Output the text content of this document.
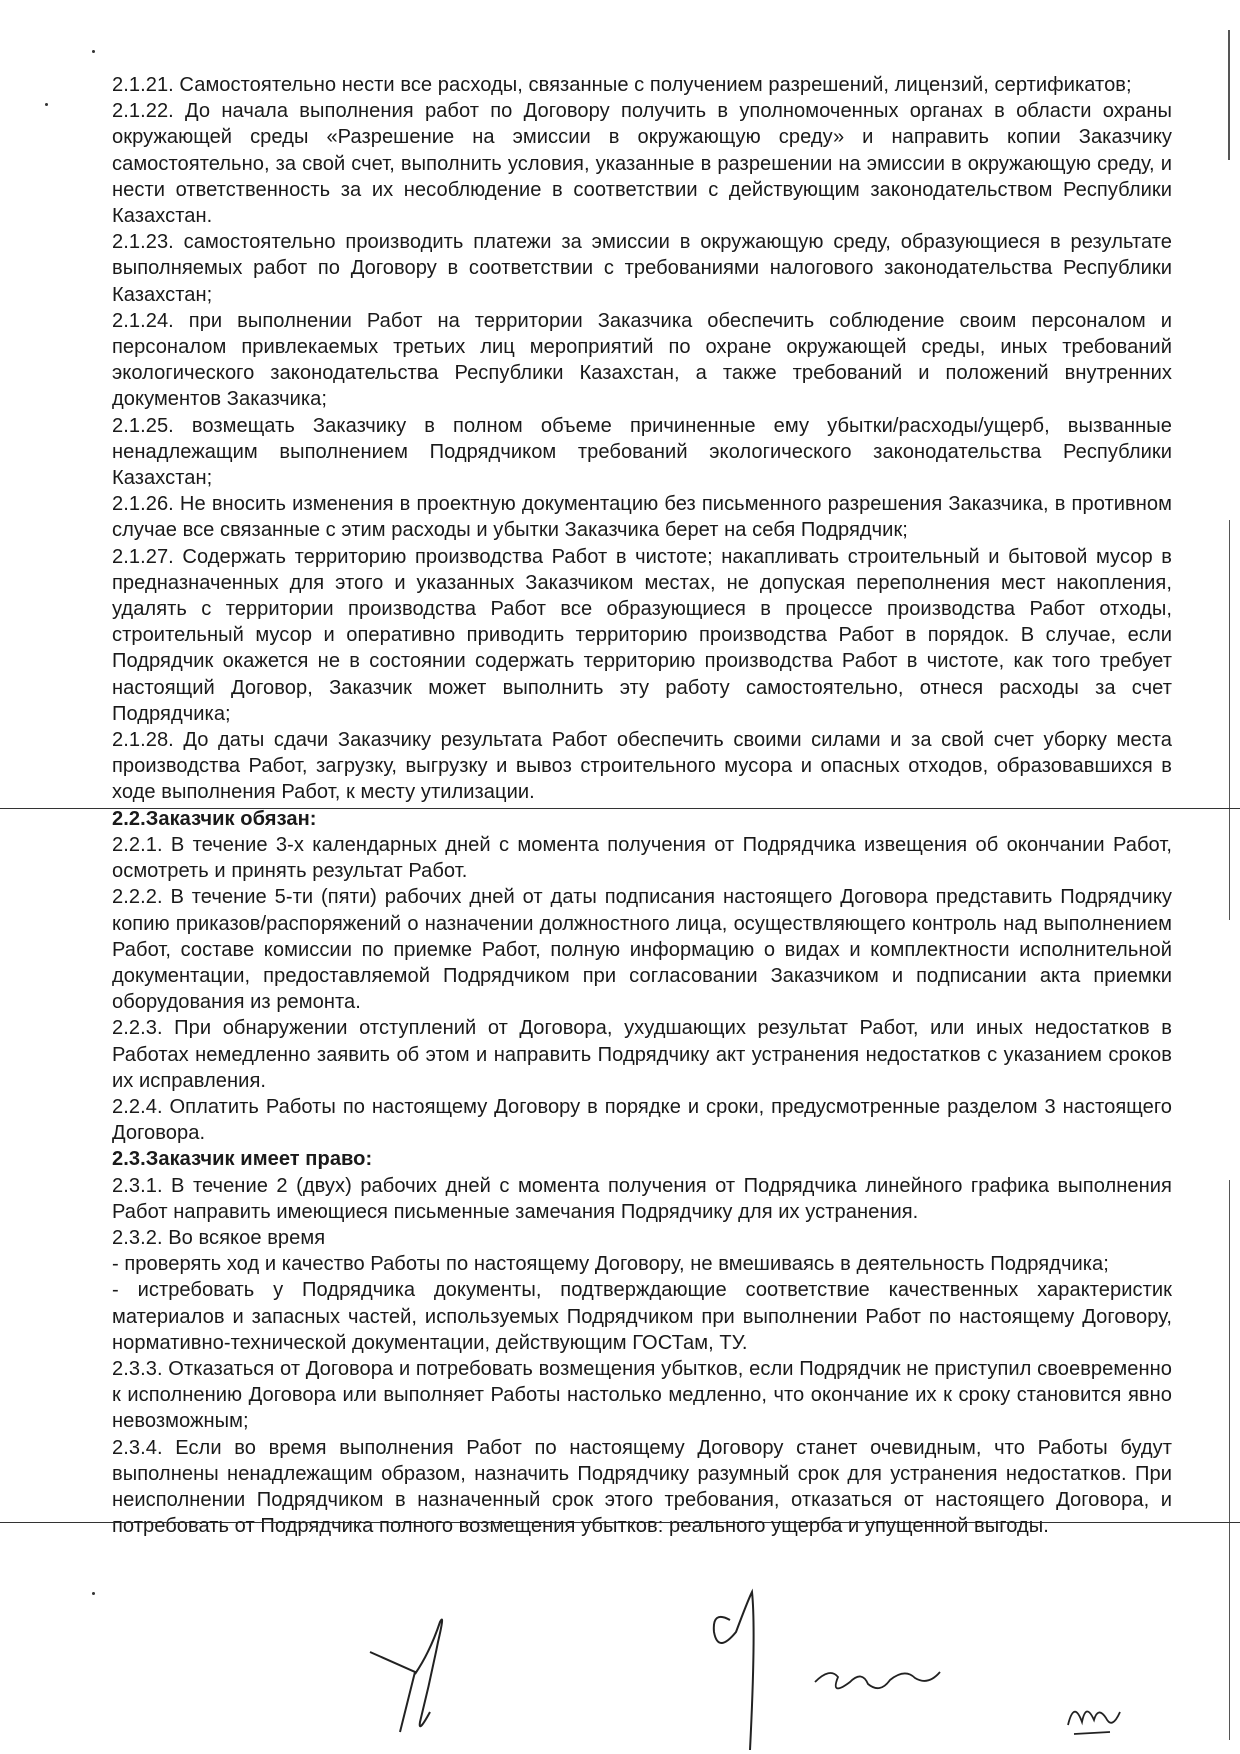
2.1.21. Самостоятельно нести все расходы, связанные с получением разрешений, лицензий, сертификатов;

2.1.22. До начала выполнения работ по Договору получить в уполномоченных органах в области охраны окружающей среды «Разрешение на эмиссии в окружающую среду» и направить копии Заказчику самостоятельно, за свой счет, выполнить условия, указанные в разрешении на эмиссии в окружающую среду, и нести ответственность за их несоблюдение в соответствии с действующим законодательством Республики Казахстан.

2.1.23. самостоятельно производить платежи за эмиссии в окружающую среду, образующиеся в результате выполняемых работ по Договору в соответствии с требованиями налогового законодательства Республики Казахстан;

2.1.24. при выполнении Работ на территории Заказчика обеспечить соблюдение своим персоналом и персоналом привлекаемых третьих лиц мероприятий по охране окружающей среды, иных требований экологического законодательства Республики Казахстан, а также требований и положений внутренних документов Заказчика;

2.1.25. возмещать Заказчику в полном объеме причиненные ему убытки/расходы/ущерб, вызванные ненадлежащим выполнением Подрядчиком требований экологического законодательства Республики Казахстан;

2.1.26. Не вносить изменения в проектную документацию без письменного разрешения Заказчика, в противном случае все связанные с этим расходы и убытки Заказчика берет на себя Подрядчик;

2.1.27. Содержать территорию производства Работ в чистоте; накапливать строительный и бытовой мусор в предназначенных для этого и указанных Заказчиком местах, не допуская переполнения мест накопления, удалять с территории производства Работ все образующиеся в процессе производства Работ отходы, строительный мусор и оперативно приводить территорию производства Работ в порядок. В случае, если Подрядчик окажется не в состоянии содержать территорию производства Работ в чистоте, как того требует настоящий Договор, Заказчик может выполнить эту работу самостоятельно, отнеся расходы за счет Подрядчика;

2.1.28. До даты сдачи Заказчику результата Работ обеспечить своими силами и за свой счет уборку места производства Работ, загрузку, выгрузку и вывоз строительного мусора и опасных отходов, образовавшихся в ходе выполнения Работ, к месту утилизации.

2.2.Заказчик обязан:

2.2.1. В течение 3-х календарных дней с момента получения от Подрядчика извещения об окончании Работ, осмотреть и принять результат Работ.

2.2.2. В течение 5-ти (пяти) рабочих дней от даты подписания настоящего Договора представить Подрядчику копию приказов/распоряжений о назначении должностного лица, осуществляющего контроль над выполнением Работ, составе комиссии по приемке Работ, полную информацию о видах и комплектности исполнительной документации, предоставляемой Подрядчиком при согласовании Заказчиком и подписании акта приемки оборудования из ремонта.

2.2.3. При обнаружении отступлений от Договора, ухудшающих результат Работ, или иных недостатков в Работах немедленно заявить об этом и направить Подрядчику акт устранения недостатков с указанием сроков их исправления.

2.2.4. Оплатить Работы по настоящему Договору в порядке и сроки, предусмотренные разделом 3 настоящего Договора.

2.3.Заказчик имеет право:

2.3.1. В течение 2 (двух) рабочих дней с момента получения от Подрядчика линейного графика выполнения Работ направить имеющиеся письменные замечания Подрядчику для их устранения.

2.3.2. Во всякое время

- проверять ход и качество Работы по настоящему Договору, не вмешиваясь в деятельность Подрядчика;

- истребовать у Подрядчика документы, подтверждающие соответствие качественных характеристик материалов и запасных частей, используемых Подрядчиком при выполнении Работ по настоящему Договору, нормативно-технической документации, действующим ГОСТам, ТУ.

2.3.3. Отказаться от Договора и потребовать возмещения убытков, если Подрядчик не приступил своевременно к исполнению Договора или выполняет Работы настолько медленно, что окончание их к сроку становится явно невозможным;

2.3.4. Если во время выполнения Работ по настоящему Договору станет очевидным, что Работы будут выполнены ненадлежащим образом, назначить Подрядчику разумный срок для устранения недостатков. При неисполнении Подрядчиком в назначенный срок этого требования, отказаться от настоящего Договора, и потребовать от Подрядчика полного возмещения убытков: реального ущерба и упущенной выгоды.
